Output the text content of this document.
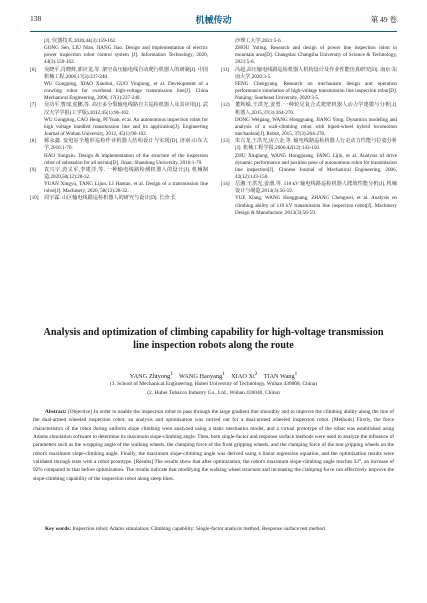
138	机械传动	第 49 卷
[J]. 仪器技术,2020,44(3):159-162.
GONG Sen, LIU Nian, JIANG Jiao. Design and implementation of electric power inspection robot control system [J]. Information Technology, 2020, 44(3):159-162.
[6]	吴晓平,肖晓辉,郭应龙,等. 架空高压输电线自动爬行机器人的研制[J]. 中国机械工程,2006,17(3):237-240.
WU Gongping, XIAO Xiaohui, GUO Yinglong, et al. Development of a crawling robot for overhead high-voltage transmission line[J]. China Mechanical Engineering, 2006, 17(3):237-240.
[7]	吴功平,曹琦,虎鹏,等. 高压多分裂输电线路自主巡检机器人及其应用[J]. 武汉大学学报(工学版),2012,45(1):96-102.
WU Gongping, CAO Heng, PI Yuan, et al. An autonomous inspection robot for high voltage bundled transmission line and its application[J]. Engineering Journal of Wuhan University, 2012, 45(1):96-102.
[8]	郝永鑫. 变电站全地形巡检作业机器人结构设计与实现[D]. 济南:山东大学,2016:1-70.
HAO Yongxin. Design & implementation of the structure of the inspection robot of substation for all terrain[D]. Jinan: Shandong University, 2016:1-70.
[9]	袁兴宇,唐义军,李建洋,等. 一种输电线路检测机器人的设计[J]. 机械制造,2020,58(12):28-32.
YUAN Xingyu, TANG Lijun, LI Haotao, et al. Design of a transmission line robot[J]. Machinery, 2020, 58(12):28-32.
[10]	周宇霖. 山区输电线路巡检机器人的研究与设计[D]. 长沙:长
沙理工大学,2021:5-6.
ZHOU Yuting. Research and design of power line inspection robot in mountain area[D]. Changsha: Changsha University of Science & Technology, 2021:5-6.
[11]	冯超,高压输电线路巡检机器人机构设计及作业性能仿真研究[D]. 南京:东南大学,2020:3-5.
FENG Chengyang. Research on mechanism design and operation performance simulation of high-voltage transmission line inspection robot[D]. Nanjing: Southeast University, 2020:3-5.
[12]	董辉嵘,王洪光,姜勇. 一种轮足复合式爬壁机器人动力学建模与分析[J]. 机器人,2015,37(3):264-270.
DONG Weigang, WANG Hongguang, JIANG Yong. Dynamics modeling and analysis of a wall-climbing robot with biped-wheel hybrid locomotion mechanism[J]. Robot, 2015, 37(3):264-270.
[13]	朱兴龙,王洪光,房立金,等. 输电线路巡检机器人行走动力性能与位姿分析[J]. 机械工程学报,2006,42(12):143-150.
ZHU Xinglong, WANG Hongguang, FANG Lijin, et al. Analysis of drive dynamic performance and position pose of autonomous robot for transmission line inspection[J]. Chinese Journal of Mechanical Engineering, 2006, 42(12):143-150.
[14]	岳湘,王洪光,姜渤,等. 110 kV 输电线路巡检机器人爬坡性能分析[J]. 机械设计与制造,2013(3):56-59.
YUE Xiang, WANG Hongguang, ZHANG Chengwei, et al. Analysis on climbing ability of 110 kV transmission line inspection robot[J]. Machinery Design & Manufacture, 2013(3):56-59.
Analysis and optimization of climbing capability for high-voltage transmission line inspection robots along the route
YANG Zhiyong$^1$ WANG Haoyang$^1$ XIAO Xi$^2$ TIAN Wang$^1$
(1. School of Mechanical Engineering, Hubei University of Technology, Wuhan 430068, China)
(2. Hubei Tobacco Industry Co., Ltd., Wuhan 430040, China)
Abstract: [Objective] In order to enable the inspection robot to pass through the large gradient line smoothly and to improve the climbing ability along the line of the dual-armed wheeled inspection robot, an analysis and optimization was carried out for a dual-armed wheeled inspection robot. [Methods] Firstly, the force characteristics of the robot during uniform slope climbing were analyzed using a static mechanics model, and a virtual prototype of the robot was established using Adams simulation software to determine its maximum slope-climbing angle. Then, both single-factor and response surface methods were used to analyze the influence of parameters such as the wrapping angle of the walking wheels, the clamping force of the front gripping wheels, and the clamping force of the rear gripping wheels on the robot's maximum slope-climbing angle. Finally, the maximum slope-climbing angle was derived using a linear regression equation, and the optimization results were validated through tests with a robot prototype. [Results] The results show that after optimization, the robot's maximum slope-climbing angle reaches 32°, an increase of 92% compared to that before optimization. The results indicate that modifying the walking wheel structure and increasing the clamping force can effectively improve the slope-climbing capability of the inspection robot along steep lines.
Key words: Inspection robot; Adams simulation; Climbing capability; Single-factor analysis method; Response surface test method
